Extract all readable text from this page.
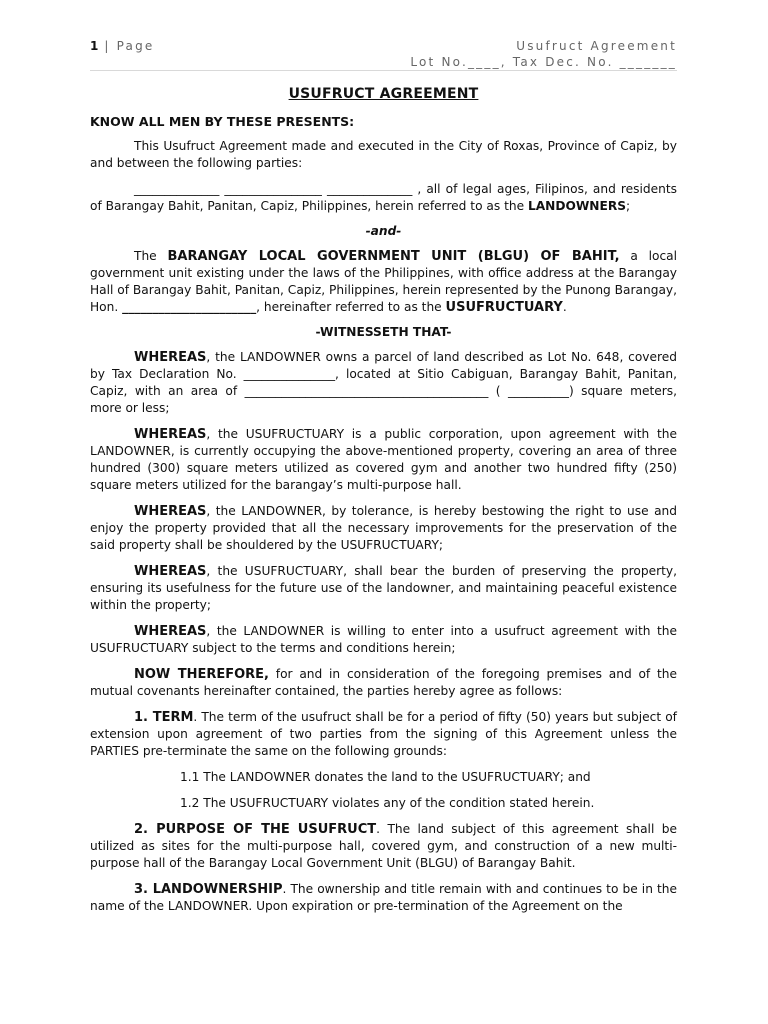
1 | Page	Usufruct Agreement
Lot No.____, Tax Dec. No. _______
USUFRUCT AGREEMENT
KNOW ALL MEN BY THESE PRESENTS:

This Usufruct Agreement made and executed in the City of Roxas, Province of Capiz, by and between the following parties:

______________ ________________ ______________ , all of legal ages, Filipinos, and residents of Barangay Bahit, Panitan, Capiz, Philippines, herein referred to as the LANDOWNERS;

-and-

The BARANGAY LOCAL GOVERNMENT UNIT (BLGU) OF BAHIT, a local government unit existing under the laws of the Philippines, with office address at the Barangay Hall of Barangay Bahit, Panitan, Capiz, Philippines, herein represented by the Punong Barangay, Hon. ______________________, hereinafter referred to as the USUFRUCTUARY.

-WITNESSETH THAT-

WHEREAS, the LANDOWNER owns a parcel of land described as Lot No. 648, covered by Tax Declaration No. _______________, located at Sitio Cabiguan, Barangay Bahit, Panitan, Capiz, with an area of ________________________________________ ( __________) square meters, more or less;

WHEREAS, the USUFRUCTUARY is a public corporation, upon agreement with the LANDOWNER, is currently occupying the above-mentioned property, covering an area of three hundred (300) square meters utilized as covered gym and another two hundred fifty (250) square meters utilized for the barangay’s multi-purpose hall.

WHEREAS, the LANDOWNER, by tolerance, is hereby bestowing the right to use and enjoy the property provided that all the necessary improvements for the preservation of the said property shall be shouldered by the USUFRUCTUARY;

WHEREAS, the USUFRUCTUARY, shall bear the burden of preserving the property, ensuring its usefulness for the future use of the landowner, and maintaining peaceful existence within the property;

WHEREAS, the LANDOWNER is willing to enter into a usufruct agreement with the USUFRUCTUARY subject to the terms and conditions herein;

NOW THEREFORE, for and in consideration of the foregoing premises and of the mutual covenants hereinafter contained, the parties hereby agree as follows:

1. TERM. The term of the usufruct shall be for a period of fifty (50) years but subject of extension upon agreement of two parties from the signing of this Agreement unless the PARTIES pre-terminate the same on the following grounds:

1.1 The LANDOWNER donates the land to the USUFRUCTUARY; and

1.2 The USUFRUCTUARY violates any of the condition stated herein.

2. PURPOSE OF THE USUFRUCT. The land subject of this agreement shall be utilized as sites for the multi-purpose hall, covered gym, and construction of a new multi-purpose hall of the Barangay Local Government Unit (BLGU) of Barangay Bahit.

3. LANDOWNERSHIP. The ownership and title remain with and continues to be in the name of the LANDOWNER. Upon expiration or pre-termination of the Agreement on the
